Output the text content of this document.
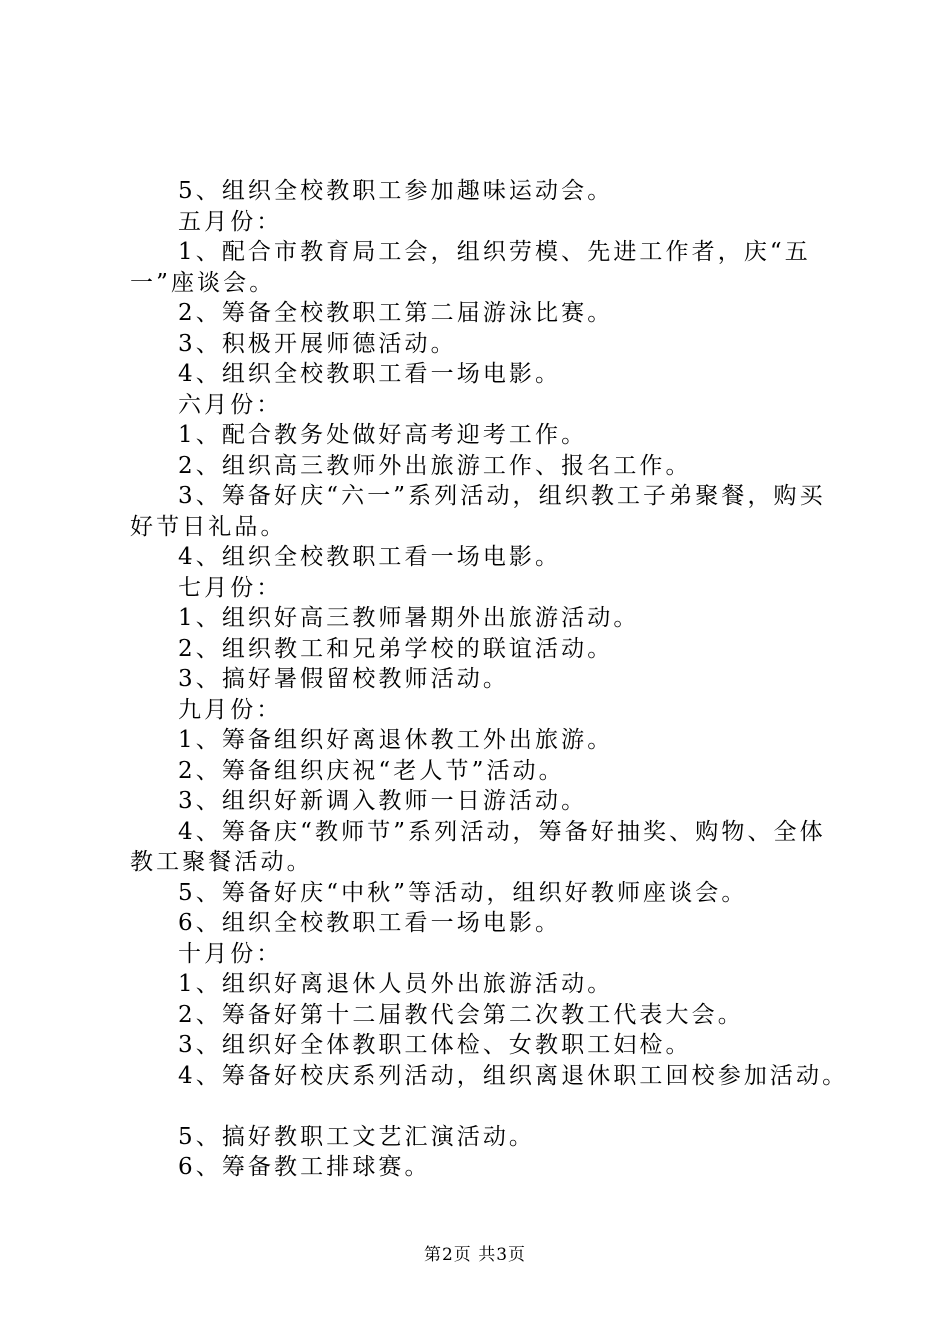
5、组织全校教职工参加趣味运动会。
五月份：
1、配合市教育局工会，组织劳模、先进工作者，庆“五
一”座谈会。
2、筹备全校教职工第二届游泳比赛。
3、积极开展师德活动。
4、组织全校教职工看一场电影。
六月份：
1、配合教务处做好高考迎考工作。
2、组织高三教师外出旅游工作、报名工作。
3、筹备好庆“六一”系列活动，组织教工子弟聚餐，购买
好节日礼品。
4、组织全校教职工看一场电影。
七月份：
1、组织好高三教师暑期外出旅游活动。
2、组织教工和兄弟学校的联谊活动。
3、搞好暑假留校教师活动。
九月份：
1、筹备组织好离退休教工外出旅游。
2、筹备组织庆祝“老人节”活动。
3、组织好新调入教师一日游活动。
4、筹备庆“教师节”系列活动，筹备好抽奖、购物、全体
教工聚餐活动。
5、筹备好庆“中秋”等活动，组织好教师座谈会。
6、组织全校教职工看一场电影。
十月份：
1、组织好离退休人员外出旅游活动。
2、筹备好第十二届教代会第二次教工代表大会。
3、组织好全体教职工体检、女教职工妇检。
4、筹备好校庆系列活动，组织离退休职工回校参加活动。
5、搞好教职工文艺汇演活动。
6、筹备教工排球赛。
第2页 共3页
